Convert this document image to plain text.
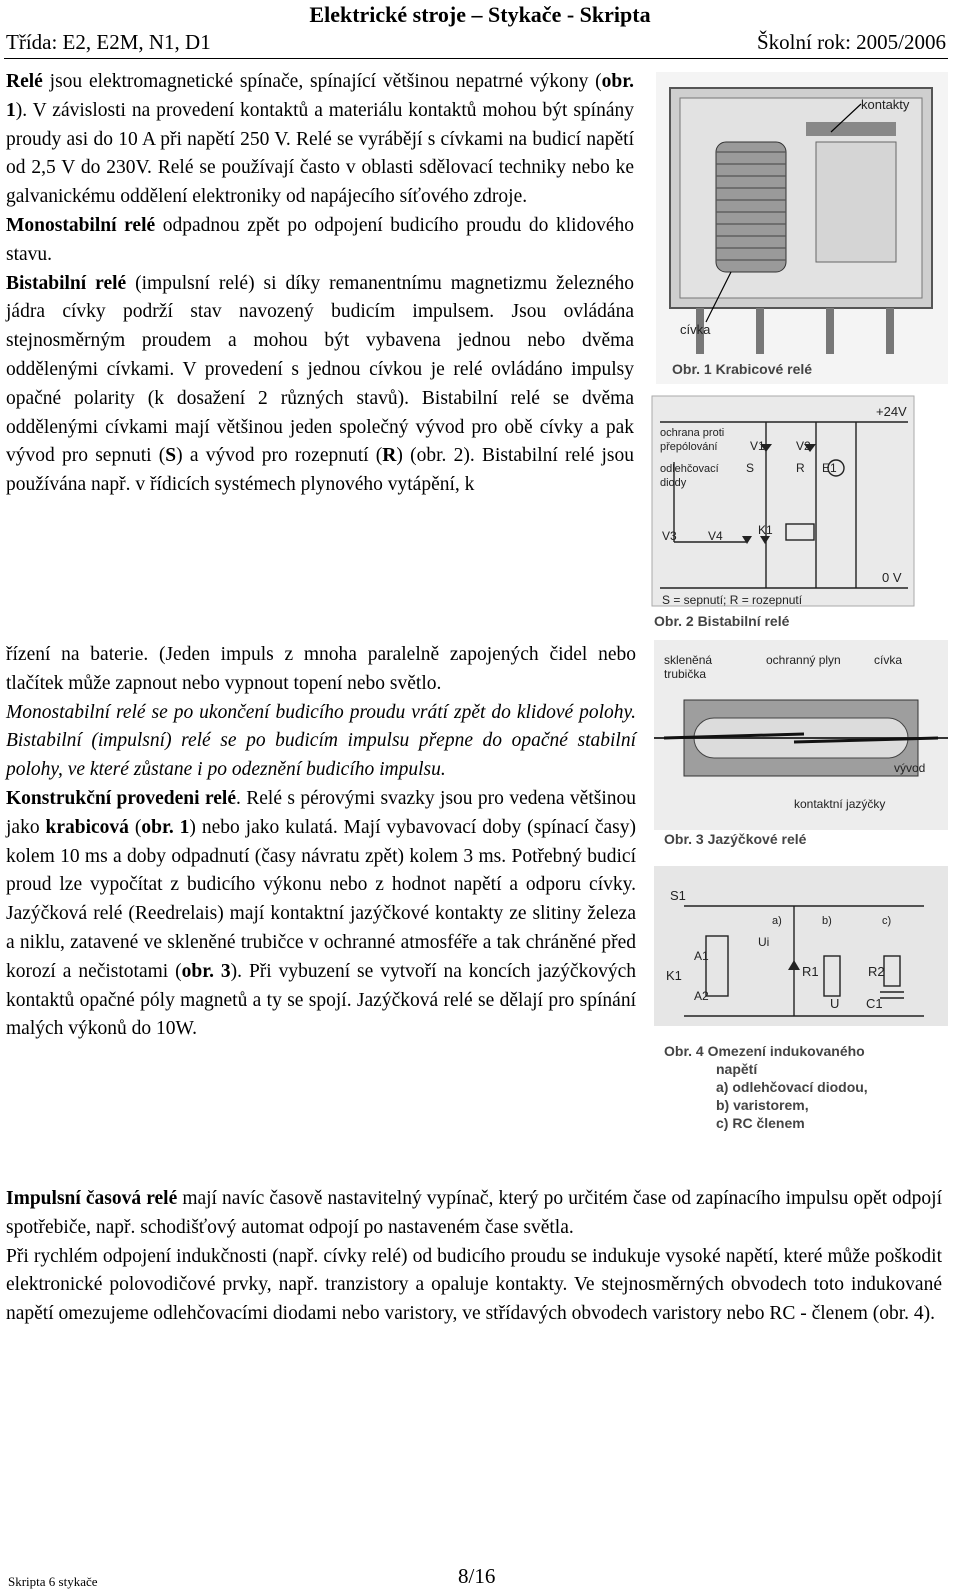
Elektrické stroje – Stykače - Skripta
Třída: E2, E2M, N1, D1	Školní rok: 2005/2006

Relé jsou elektromagnetické spínače, spínající většinou nepatrné výkony (obr. 1). V závislosti na provedení kontaktů a materiálu kontaktů mohou být spínány proudy asi do 10 A při napětí 250 V. Relé se vyrábějí s cívkami na budicí napětí od 2,5 V do 230V. Relé se používají často v oblasti sdělovací techniky nebo ke galvanickému oddělení elektroniky od napájecího síťového zdroje.

Monostabilní relé odpadnou zpět po odpojení budicího proudu do klidového stavu.

Bistabilní relé (impulsní relé) si díky remanentnímu magnetizmu železného jádra cívky podrží stav navozený budicím impulsem. Jsou ovládána stejnosměrným proudem a mohou být vybavena jednou nebo dvěma oddělenými cívkami. V provedení s jednou cívkou je relé ovládáno impulsy opačné polarity (k dosažení 2 různých stavů). Bistabilní relé se dvěma oddělenými cívkami mají většinou jeden společný vývod pro obě cívky a pak vývod pro sepnuti (S) a vývod pro rozepnutí (R) (obr. 2). Bistabilní relé jsou používána např. v řídicích systémech plynového vytápění, k

řízení na baterie. (Jeden impuls z mnoha paralelně zapojených čidel nebo tlačítek může zapnout nebo vypnout topení nebo světlo.

Monostabilní relé se po ukončení budicího proudu vrátí zpět do klidové polohy. Bistabilní (impulsní) relé se po budicím impulsu přepne do opačné stabilní polohy, ve které zůstane i po odeznění budicího impulsu.

Konstrukční provedeni relé. Relé s pérovými svazky jsou pro vedena většinou jako krabicová (obr. 1) nebo jako kulatá. Mají vybavovací doby (spínací časy) kolem 10 ms a doby odpadnutí (časy návratu zpět) kolem 3 ms. Potřebný budicí proud lze vypočítat z budicího výkonu nebo z hodnot napětí a odporu cívky. Jazýčková relé (Reedrelais) mají kontaktní jazýčkové kontakty ze slitiny železa a niklu, zatavené ve skleněné trubičce v ochranné atmosféře a tak chráněné před korozí a nečistotami (obr. 3). Při vybuzení se vytvoří na koncích jazýčkových kontaktů opačné póly magnetů a ty se spojí. Jazýčková relé se dělají pro spínání malých výkonů do 10W.

Impulsní časová relé mají navíc časově nastavitelný vypínač, který po určitém čase od zapínacího impulsu opět odpojí spotřebiče, např. schodišťový automat odpojí po nastaveném čase světla.

Při rychlém odpojení indukčnosti (např. cívky relé) od budicího proudu se indukuje vysoké napětí, které může poškodit elektronické polovodičové prvky, např. tranzistory a opaluje kontakty. Ve stejnosměrných obvodech toto indukované napětí omezujeme odlehčovacími diodami nebo varistory, ve střídavých obvodech varistory nebo RC - členem (obr. 4).

kontakty
cívka
Obr. 1 Krabicové relé
+24V
0 V
ochrana proti
přepólování
odlehčovací
diody
V1	V2
S	R E1
V3	V4	K1
S = sepnutí; R = rozepnutí
Obr. 2 Bistabilní relé
skleněná
trubička
ochranný plyn	cívka
vývod
kontaktní jazýčky
Obr. 3 Jazýčkové relé
S1
A1
A2
K1
Ui
R1	R2
C1
U
a)	b)	c)
Obr. 4 Omezení indukovaného
napětí
a) odlehčovací diodou,
b) varistorem,
c) RC členem
Skripta 6 stykače	8/16
